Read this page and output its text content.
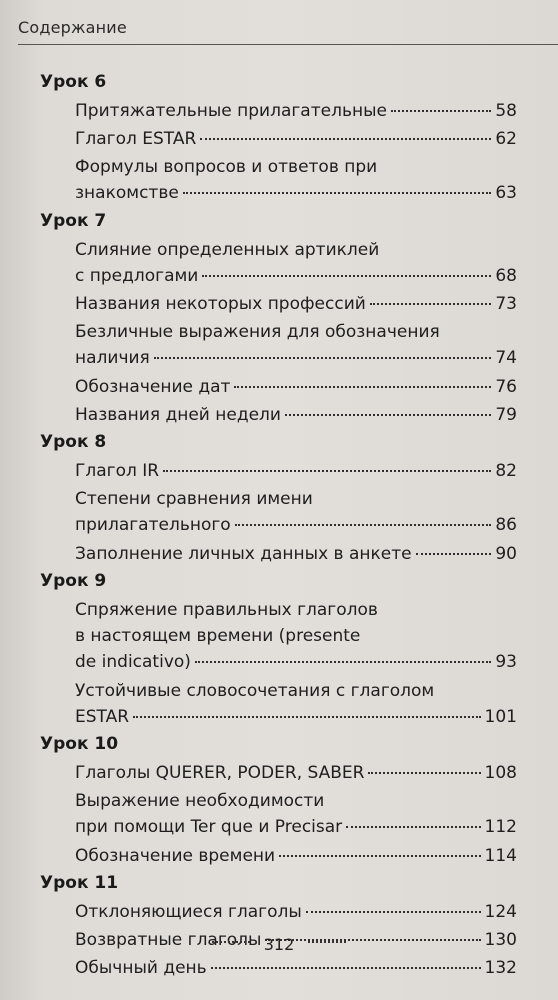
Содержание
Урок 6
Притяжательные прилагательные	58
Глагол ESTAR	62
Формулы вопросов и ответов при
знакомстве	63
Урок 7
Слияние определенных артиклей
с предлогами	68
Названия некоторых профессий	73
Безличные выражения для обозначения
наличия	74
Обозначение дат	76
Названия дней недели	79
Урок 8
Глагол IR	82
Степени сравнения имени
прилагательного	86
Заполнение личных данных в анкете	90
Урок 9
Спряжение правильных глаголов
в настоящем времени (presente
de indicativo)	93
Устойчивые словосочетания с глаголом
ESTAR	101
Урок 10
Глаголы QUERER, PODER, SABER	108
Выражение необходимости
при помощи Ter que и Precisar	112
Обозначение времени	114
Урок 11
Отклоняющиеся глаголы	124
Возвратные глаголы	130
Обычный день	132
312
